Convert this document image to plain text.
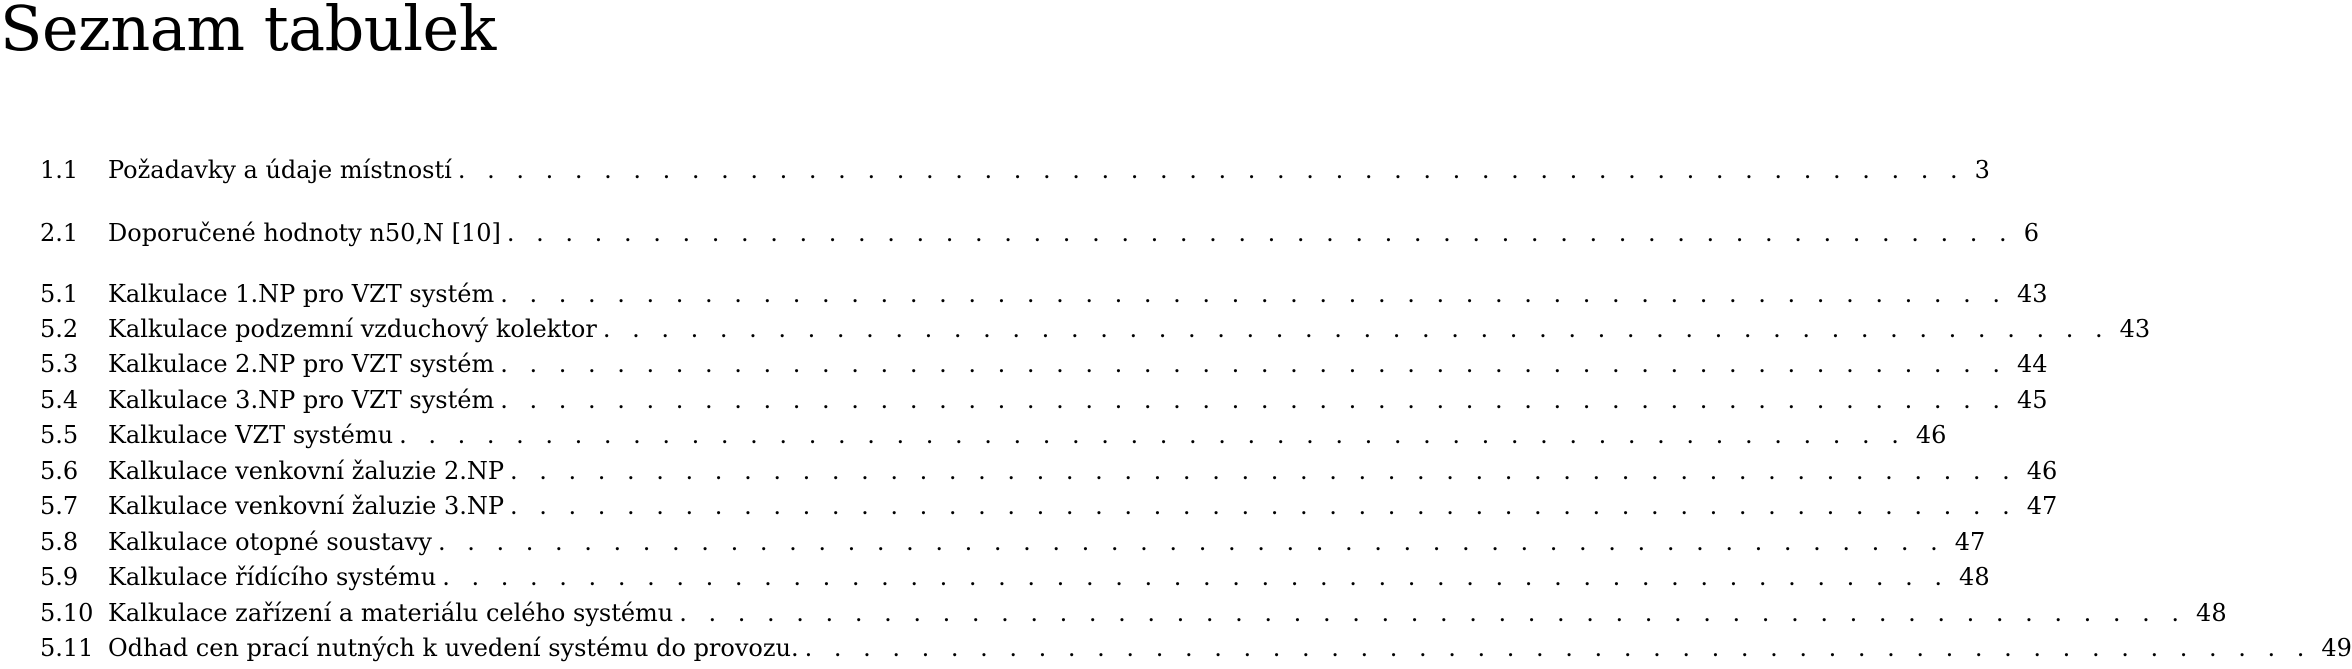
Seznam tabulek
1.1	Požadavky a údaje místností . . . . . . . . . . . . . . . . . . . . . . . . . . . . . . . . . . . . . . . . . . . . . . . . . . . . 3
2.1	Doporučené hodnoty n50,N [10] . . . . . . . . . . . . . . . . . . . . . . . . . . . . . . . . . . . . . . . . . . . . . . . . . . . . 6
5.1	Kalkulace 1.NP pro VZT systém . . . . . . . . . . . . . . . . . . . . . . . . . . . . . . . . . . . . . . . . . . . . . . . . . . . . 43
5.2	Kalkulace podzemní vzduchový kolektor . . . . . . . . . . . . . . . . . . . . . . . . . . . . . . . . . . . . . . . . . . . . . . . . . . . . 43
5.3	Kalkulace 2.NP pro VZT systém . . . . . . . . . . . . . . . . . . . . . . . . . . . . . . . . . . . . . . . . . . . . . . . . . . . . 44
5.4	Kalkulace 3.NP pro VZT systém . . . . . . . . . . . . . . . . . . . . . . . . . . . . . . . . . . . . . . . . . . . . . . . . . . . . 45
5.5	Kalkulace VZT systému . . . . . . . . . . . . . . . . . . . . . . . . . . . . . . . . . . . . . . . . . . . . . . . . . . . . 46
5.6	Kalkulace venkovní žaluzie 2.NP . . . . . . . . . . . . . . . . . . . . . . . . . . . . . . . . . . . . . . . . . . . . . . . . . . . . 46
5.7	Kalkulace venkovní žaluzie 3.NP . . . . . . . . . . . . . . . . . . . . . . . . . . . . . . . . . . . . . . . . . . . . . . . . . . . . 47
5.8	Kalkulace otopné soustavy . . . . . . . . . . . . . . . . . . . . . . . . . . . . . . . . . . . . . . . . . . . . . . . . . . . . 47
5.9	Kalkulace řídícího systému . . . . . . . . . . . . . . . . . . . . . . . . . . . . . . . . . . . . . . . . . . . . . . . . . . . . 48
5.10 Kalkulace zařízení a materiálu celého systému . . . . . . . . . . . . . . . . . . . . . . . . . . . . . . . . . . . . . . . . . . . . . . . . . . . . 48
5.11 Odhad cen prací nutných k uvedení systému do provozu. . . . . . . . . . . . . . . . . . . . . . . . . . . . . . . . . . . . . . . . . . . . . . . . . . . . . 49
